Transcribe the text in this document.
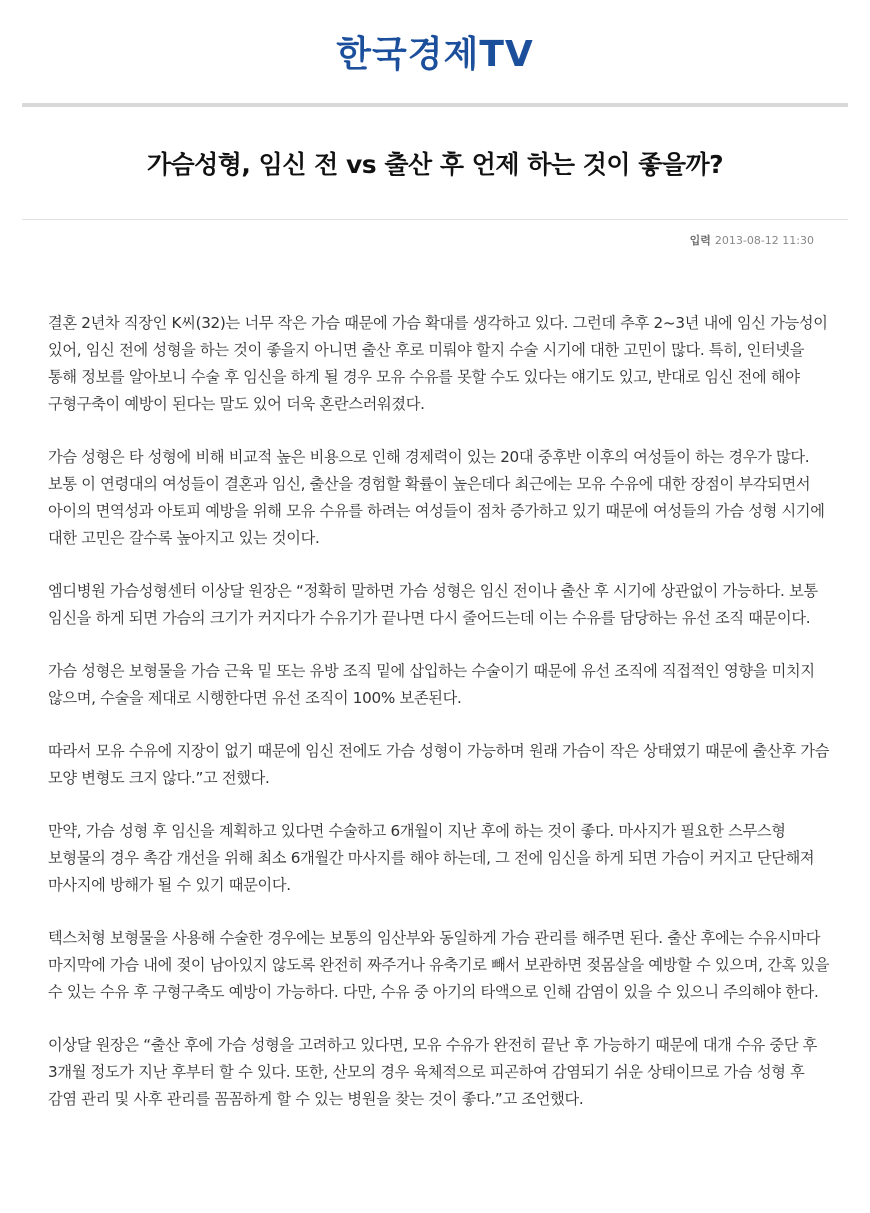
한국경제TV
가슴성형, 임신 전 vs 출산 후 언제 하는 것이 좋을까?
입력 2013-08-12 11:30

결혼 2년차 직장인 K씨(32)는 너무 작은 가슴 때문에 가슴 확대를 생각하고 있다. 그런데 추후 2~3년 내에 임신 가능성이 있어, 임신 전에 성형을 하는 것이 좋을지 아니면 출산 후로 미뤄야 할지 수술 시기에 대한 고민이 많다. 특히, 인터넷을 통해 정보를 알아보니 수술 후 임신을 하게 될 경우 모유 수유를 못할 수도 있다는 얘기도 있고, 반대로 임신 전에 해야 구형구축이 예방이 된다는 말도 있어 더욱 혼란스러워졌다.

가슴 성형은 타 성형에 비해 비교적 높은 비용으로 인해 경제력이 있는 20대 중후반 이후의 여성들이 하는 경우가 많다. 보통 이 연령대의 여성들이 결혼과 임신, 출산을 경험할 확률이 높은데다 최근에는 모유 수유에 대한 장점이 부각되면서 아이의 면역성과 아토피 예방을 위해 모유 수유를 하려는 여성들이 점차 증가하고 있기 때문에 여성들의 가슴 성형 시기에 대한 고민은 갈수록 높아지고 있는 것이다.

엠디병원 가슴성형센터 이상달 원장은 “정확히 말하면 가슴 성형은 임신 전이나 출산 후 시기에 상관없이 가능하다. 보통 임신을 하게 되면 가슴의 크기가 커지다가 수유기가 끝나면 다시 줄어드는데 이는 수유를 담당하는 유선 조직 때문이다.

가슴 성형은 보형물을 가슴 근육 밑 또는 유방 조직 밑에 삽입하는 수술이기 때문에 유선 조직에 직접적인 영향을 미치지 않으며, 수술을 제대로 시행한다면 유선 조직이 100% 보존된다.

따라서 모유 수유에 지장이 없기 때문에 임신 전에도 가슴 성형이 가능하며 원래 가슴이 작은 상태였기 때문에 출산후 가슴 모양 변형도 크지 않다.”고 전했다.

만약, 가슴 성형 후 임신을 계획하고 있다면 수술하고 6개월이 지난 후에 하는 것이 좋다. 마사지가 필요한 스무스형 보형물의 경우 촉감 개선을 위해 최소 6개월간 마사지를 해야 하는데, 그 전에 임신을 하게 되면 가슴이 커지고 단단해져 마사지에 방해가 될 수 있기 때문이다.

텍스처형 보형물을 사용해 수술한 경우에는 보통의 임산부와 동일하게 가슴 관리를 해주면 된다. 출산 후에는 수유시마다 마지막에 가슴 내에 젖이 남아있지 않도록 완전히 짜주거나 유축기로 빼서 보관하면 젖몸살을 예방할 수 있으며, 간혹 있을 수 있는 수유 후 구형구축도 예방이 가능하다. 다만, 수유 중 아기의 타액으로 인해 감염이 있을 수 있으니 주의해야 한다.

이상달 원장은 “출산 후에 가슴 성형을 고려하고 있다면, 모유 수유가 완전히 끝난 후 가능하기 때문에 대개 수유 중단 후 3개월 정도가 지난 후부터 할 수 있다. 또한, 산모의 경우 육체적으로 피곤하여 감염되기 쉬운 상태이므로 가슴 성형 후 감염 관리 및 사후 관리를 꼼꼼하게 할 수 있는 병원을 찾는 것이 좋다.”고 조언했다.
